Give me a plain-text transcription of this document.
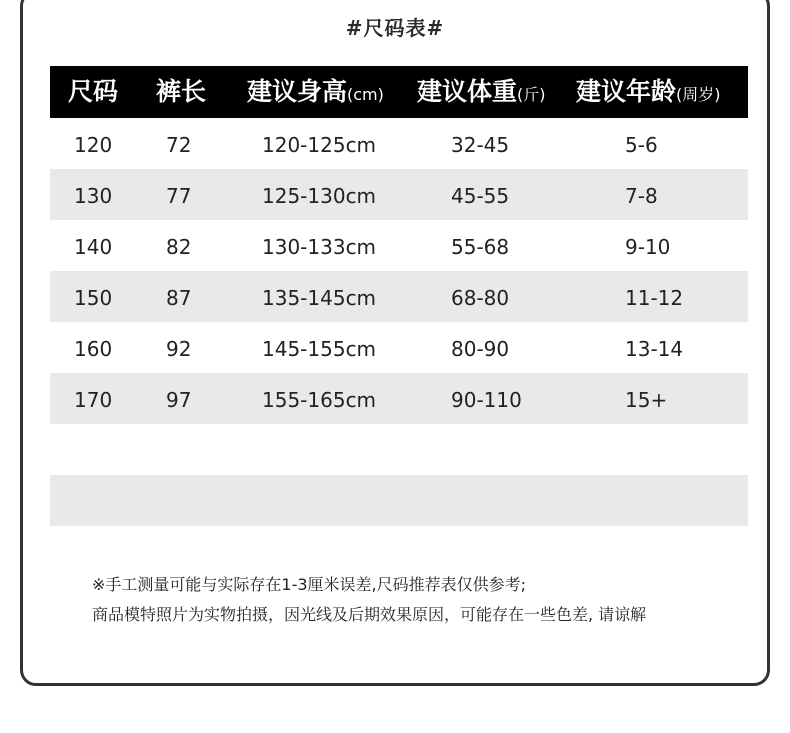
#尺码表#
尺码 裤长 建议身高(cm) 建议体重(斤) 建议年龄(周岁)
120	72	120-125cm	32-45	5-6
130	77	125-130cm	45-55	7-8
140	82	130-133cm	55-68	9-10
150	87	135-145cm	68-80	11-12
160	92	145-155cm	80-90	13-14
170	97	155-165cm	90-110	15+
※手工测量可能与实际存在1-3厘米误差,尺码推荐表仅供参考;
商品模特照片为实物拍摄，因光线及后期效果原因，可能存在一些色差, 请谅解
